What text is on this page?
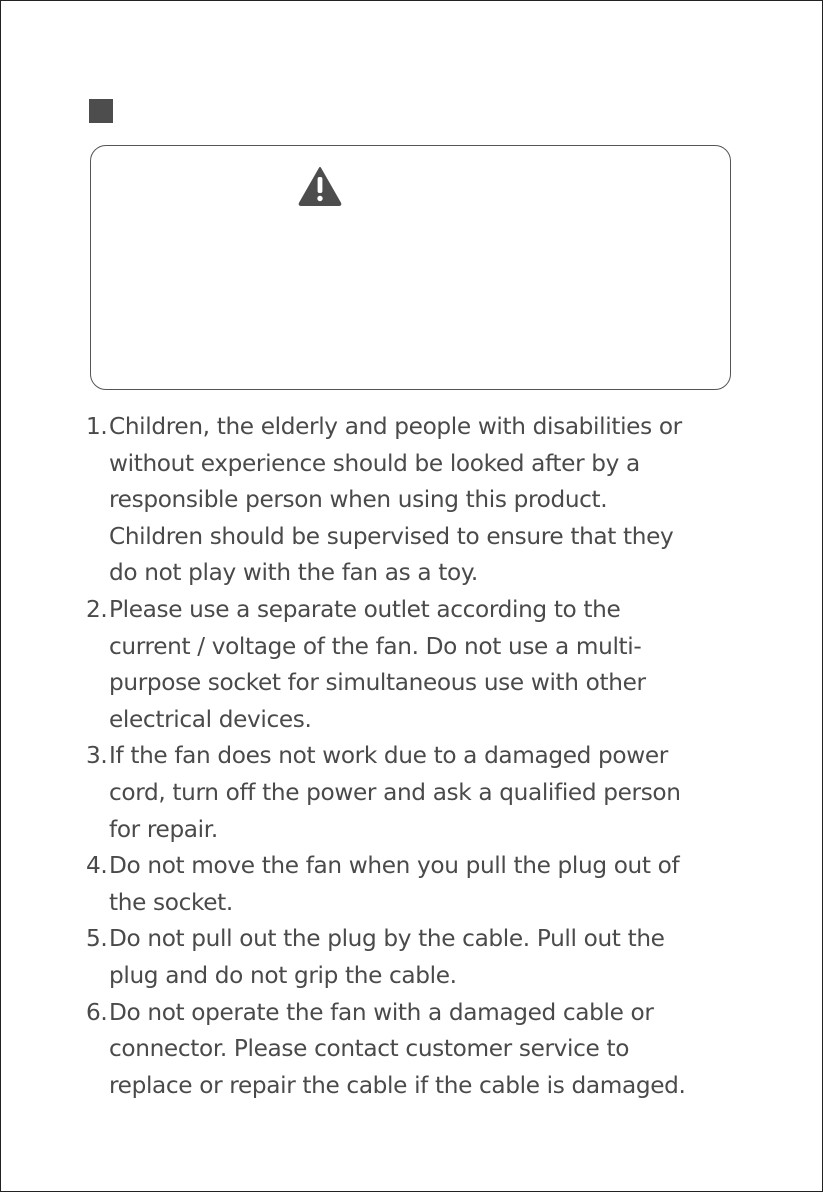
1. Children, the elderly and people with disabilities or
without experience should be looked after by a
responsible person when using this product.
Children should be supervised to ensure that they
do not play with the fan as a toy.
2. Please use a separate outlet according to the
current / voltage of the fan. Do not use a multi-
purpose socket for simultaneous use with other
electrical devices.
3. If the fan does not work due to a damaged power
cord, turn off the power and ask a qualified person
for repair.
4. Do not move the fan when you pull the plug out of
the socket.
5. Do not pull out the plug by the cable. Pull out the
plug and do not grip the cable.
6. Do not operate the fan with a damaged cable or
connector. Please contact customer service to
replace or repair the cable if the cable is damaged.
